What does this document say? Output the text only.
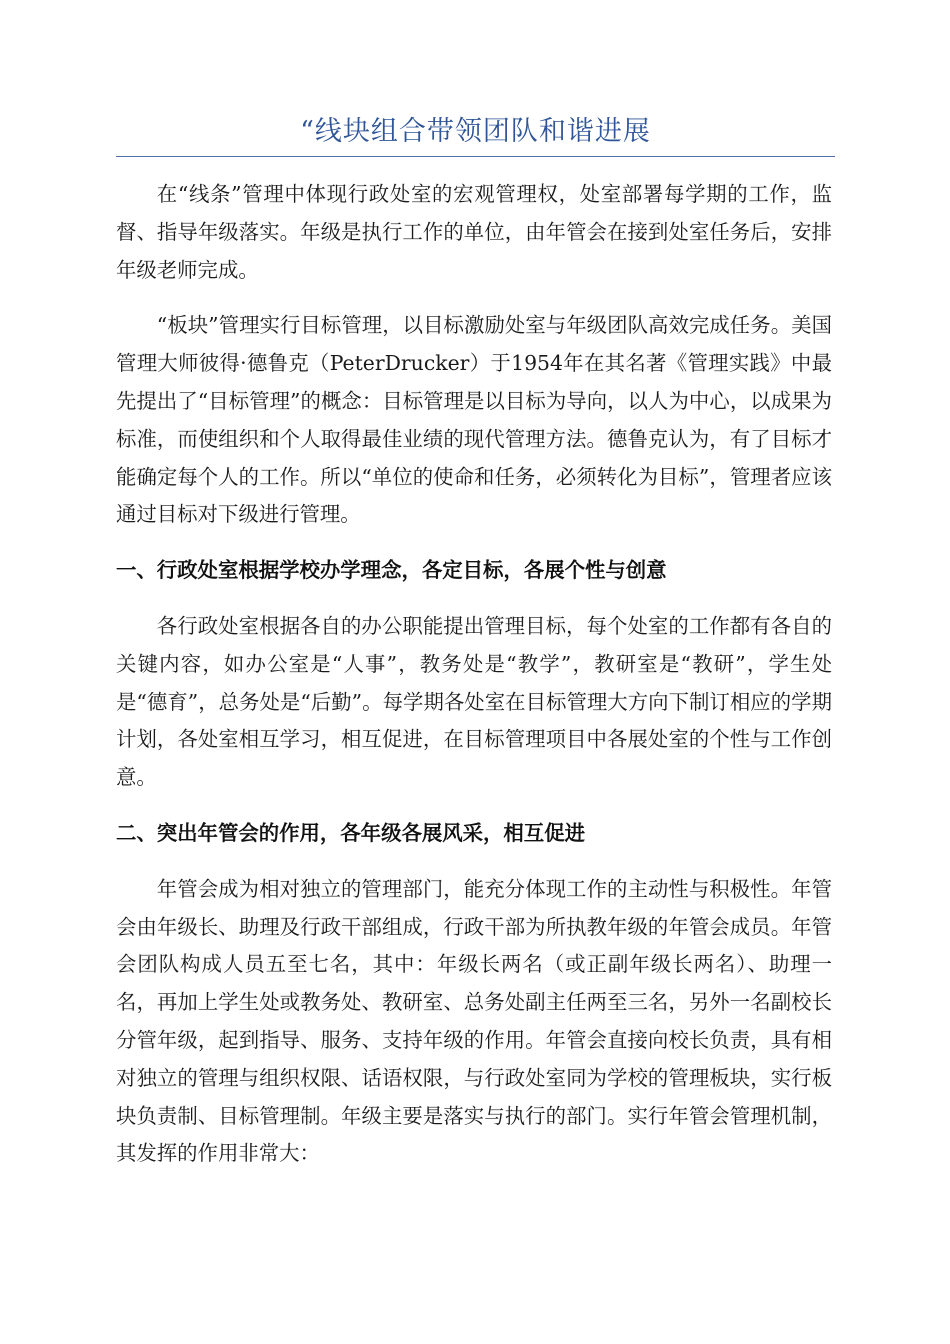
“线块组合带领团队和谐进展

在“线条”管理中体现行政处室的宏观管理权，处室部署每学期的工作，监督、指导年级落实。年级是执行工作的单位，由年管会在接到处室任务后，安排年级老师完成。

“板块”管理实行目标管理，以目标激励处室与年级团队高效完成任务。美国管理大师彼得·德鲁克（PeterDrucker）于1954年在其名著《管理实践》中最先提出了“目标管理”的概念：目标管理是以目标为导向，以人为中心，以成果为标准，而使组织和个人取得最佳业绩的现代管理方法。德鲁克认为，有了目标才能确定每个人的工作。所以“单位的使命和任务，必须转化为目标”，管理者应该通过目标对下级进行管理。

一、行政处室根据学校办学理念，各定目标，各展个性与创意

各行政处室根据各自的办公职能提出管理目标，每个处室的工作都有各自的关键内容，如办公室是“人事”，教务处是“教学”，教研室是“教研”，学生处是“德育”，总务处是“后勤”。每学期各处室在目标管理大方向下制订相应的学期计划，各处室相互学习，相互促进，在目标管理项目中各展处室的个性与工作创意。

二、突出年管会的作用，各年级各展风采，相互促进

年管会成为相对独立的管理部门，能充分体现工作的主动性与积极性。年管会由年级长、助理及行政干部组成，行政干部为所执教年级的年管会成员。年管会团队构成人员五至七名，其中：年级长两名（或正副年级长两名）、助理一名，再加上学生处或教务处、教研室、总务处副主任两至三名，另外一名副校长分管年级，起到指导、服务、支持年级的作用。年管会直接向校长负责，具有相对独立的管理与组织权限、话语权限，与行政处室同为学校的管理板块，实行板块负责制、目标管理制。年级主要是落实与执行的部门。实行年管会管理机制，其发挥的作用非常大：
